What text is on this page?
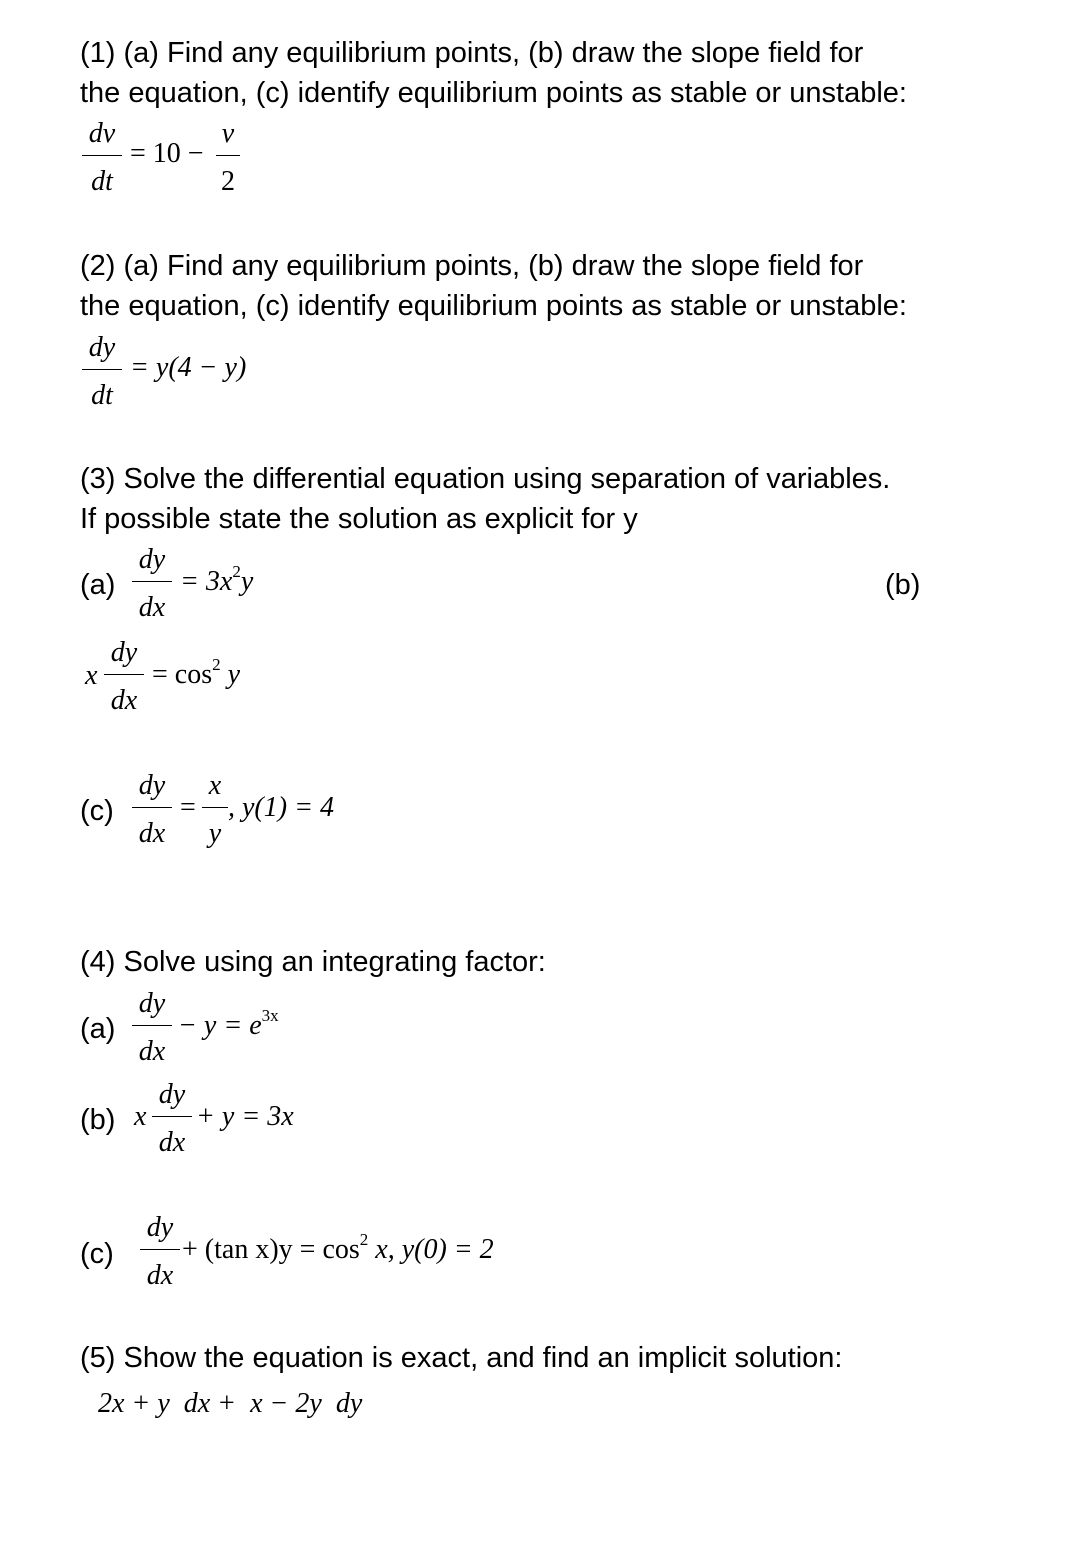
(1) (a) Find any equilibrium points, (b) draw the slope field for
the equation, (c) identify equilibrium points as stable or unstable:
dv
dt
= 10 −
v
2
(2) (a) Find any equilibrium points, (b) draw the slope field for
the equation, (c) identify equilibrium points as stable or unstable:
dy
dt
= y(4 − y)
(3) Solve the differential equation using separation of variables.
If possible state the solution as explicit for y
(a)
dy
dx
= $3x^2y$	(b)
x
dy
dx
= $\cos^2 y$
(c)
dy
dx
=
x
y
, y(1) = 4
(4) Solve using an integrating factor:
(a)
dy
dx
− $y = e^{3x}$
(b) x
dy
dx
+ y = 3x
(c)
dy
dx
+ (tan $x)y = \cos^2 x$, y(0) = 2
(5) Show the equation is exact, and find an implicit solution:
2x + y  dx +  x − 2y  dy
